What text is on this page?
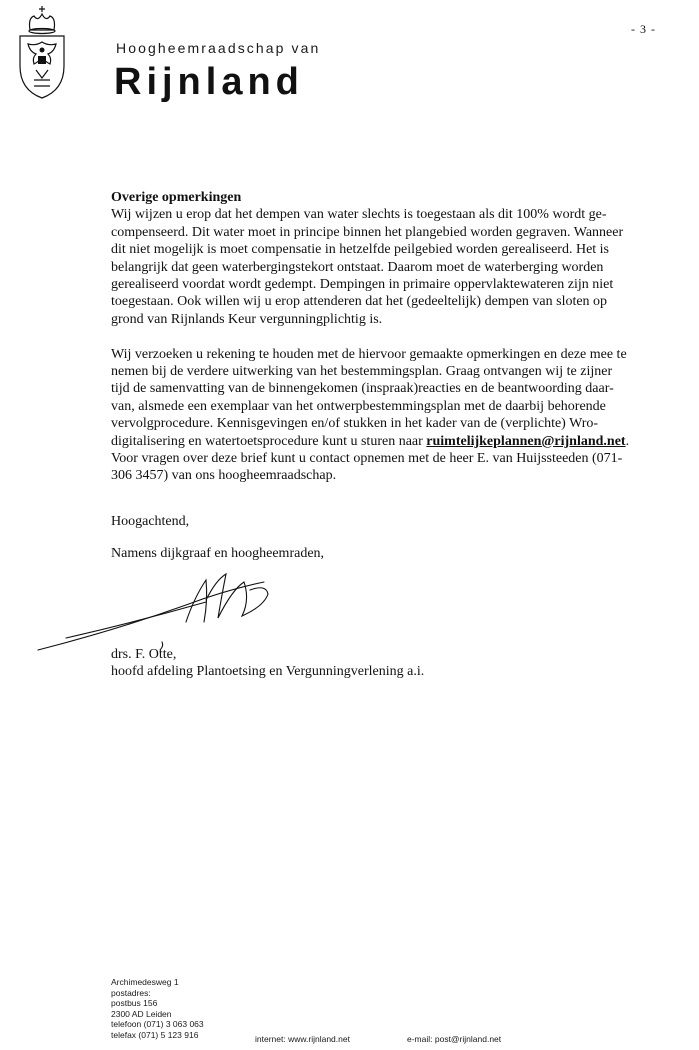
- 3 -
Hoogheemraadschap van
Rijnland
Overige opmerkingen
Wij wijzen u erop dat het dempen van water slechts is toegestaan als dit 100% wordt ge-
compenseerd. Dit water moet in principe binnen het plangebied worden gegraven. Wanneer
dit niet mogelijk is moet compensatie in hetzelfde peilgebied worden gerealiseerd. Het is
belangrijk dat geen waterbergingstekort ontstaat. Daarom moet de waterberging worden
gerealiseerd voordat wordt gedempt. Dempingen in primaire oppervlaktewateren zijn niet
toegestaan. Ook willen wij u erop attenderen dat het (gedeeltelijk) dempen van sloten op
grond van Rijnlands Keur vergunningplichtig is.
Wij verzoeken u rekening te houden met de hiervoor gemaakte opmerkingen en deze mee te
nemen bij de verdere uitwerking van het bestemmingsplan. Graag ontvangen wij te zijner
tijd de samenvatting van de binnengekomen (inspraak)reacties en de beantwoording daar-
van, alsmede een exemplaar van het ontwerpbestemmingsplan met de daarbij behorende
vervolgprocedure. Kennisgevingen en/of stukken in het kader van de (verplichte) Wro-
digitalisering en watertoetsprocedure kunt u sturen naar ruimtelijkeplannen@rijnland.net.
Voor vragen over deze brief kunt u contact opnemen met de heer E. van Huijssteeden (071-
306 3457) van ons hoogheemraadschap.
Hoogachtend,
Namens dijkgraaf en hoogheemraden,
drs. F. Otte,
hoofd afdeling Plantoetsing en Vergunningverlening a.i.
Archimedesweg 1
postadres:
postbus 156
2300 AD Leiden
telefoon (071) 3 063 063
telefax (071) 5 123 916	internet: www.rijnland.net	e-mail: post@rijnland.net
